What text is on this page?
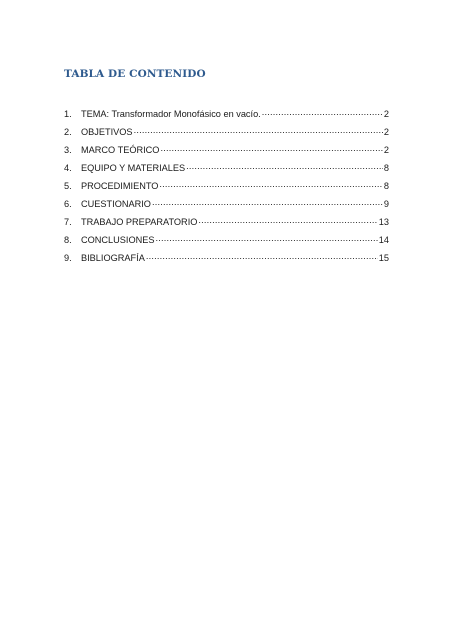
TABLA DE CONTENIDO
1.	TEMA: Transformador Monofásico en vacío. .....	2
2.	OBJETIVOS .....	2
3.	MARCO TEÓRICO .....	2
4.	EQUIPO Y MATERIALES .....	8
5.	PROCEDIMIENTO .....	8
6.	CUESTIONARIO .....	9
7.	TRABAJO PREPARATORIO .....	13
8.	CONCLUSIONES .....	14
9.	BIBLIOGRAFÍA .....	15
